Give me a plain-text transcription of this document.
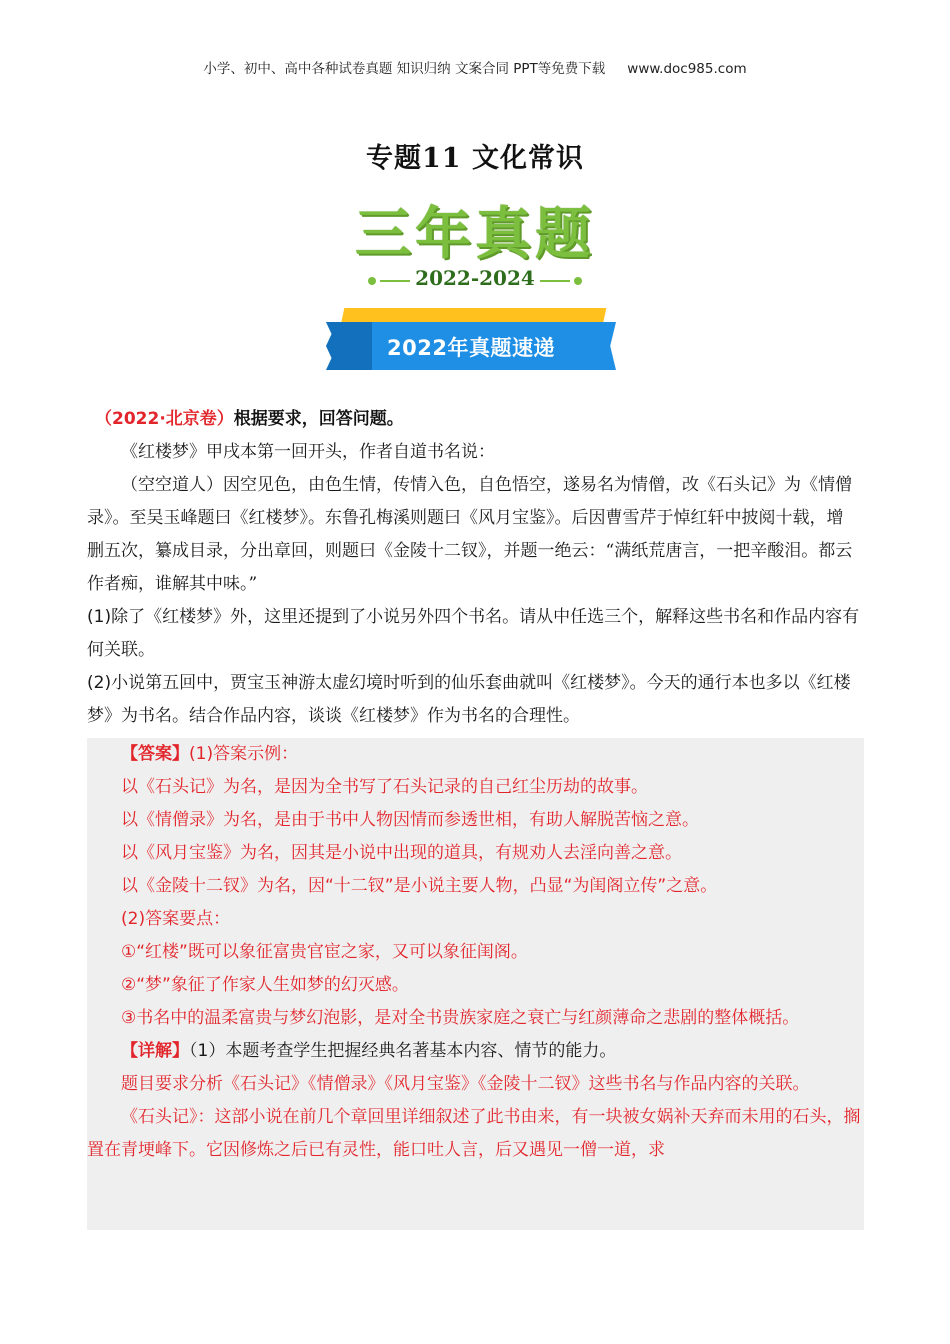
小学、初中、高中各种试卷真题 知识归纳 文案合同 PPT等免费下载 www.doc985.com
专题11 文化常识
三年真题
2022-2024
2022年真题速递
（2022·北京卷）根据要求，回答问题。

《红楼梦》甲戌本第一回开头，作者自道书名说：

（空空道人）因空见色，由色生情，传情入色，自色悟空，遂易名为情僧，改《石头记》为《情僧录》。至吴玉峰题曰《红楼梦》。东鲁孔梅溪则题曰《风月宝鉴》。后因曹雪芹于悼红轩中披阅十载，增删五次，纂成目录，分出章回，则题曰《金陵十二钗》，并题一绝云：“满纸荒唐言，一把辛酸泪。都云作者痴，谁解其中味。”

(1)除了《红楼梦》外，这里还提到了小说另外四个书名。请从中任选三个，解释这些书名和作品内容有何关联。

(2)小说第五回中，贾宝玉神游太虚幻境时听到的仙乐套曲就叫《红楼梦》。今天的通行本也多以《红楼梦》为书名。结合作品内容，谈谈《红楼梦》作为书名的合理性。

【答案】(1)答案示例：

以《石头记》为名，是因为全书写了石头记录的自己红尘历劫的故事。

以《情僧录》为名，是由于书中人物因情而参透世相，有助人解脱苦恼之意。

以《风月宝鉴》为名，因其是小说中出现的道具，有规劝人去淫向善之意。

以《金陵十二钗》为名，因“十二钗”是小说主要人物，凸显“为闺阁立传”之意。

(2)答案要点：

①“红楼”既可以象征富贵官宦之家，又可以象征闺阁。

②“梦”象征了作家人生如梦的幻灭感。

③书名中的温柔富贵与梦幻泡影，是对全书贵族家庭之衰亡与红颜薄命之悲剧的整体概括。

【详解】（1）本题考查学生把握经典名著基本内容、情节的能力。

题目要求分析《石头记》《情僧录》《风月宝鉴》《金陵十二钗》这些书名与作品内容的关联。

《石头记》：这部小说在前几个章回里详细叙述了此书由来，有一块被女娲补天弃而未用的石头，搁置在青埂峰下。它因修炼之后已有灵性，能口吐人言，后又遇见一僧一道，求
